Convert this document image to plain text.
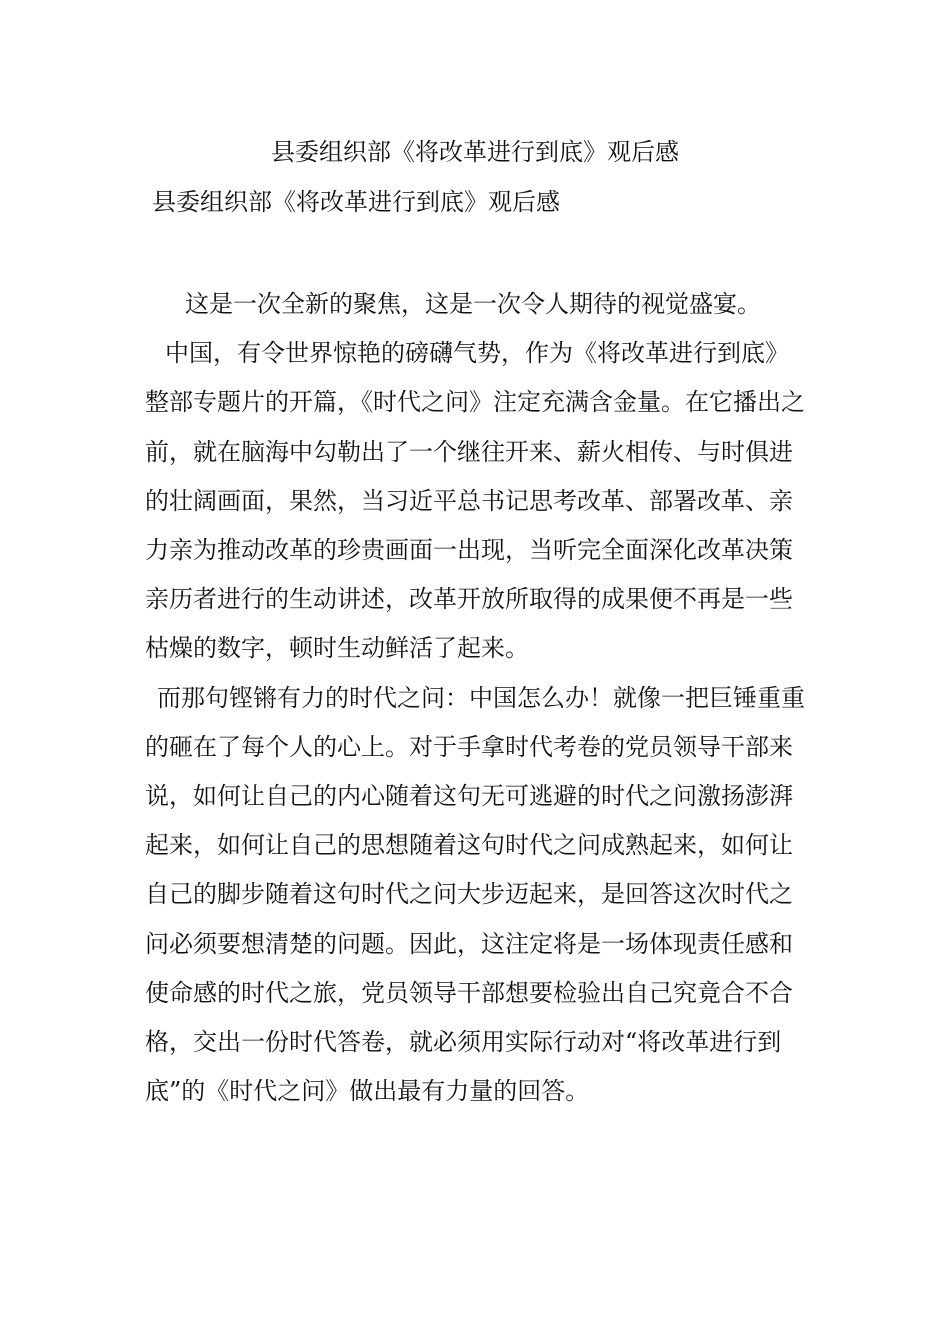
县委组织部《将改革进行到底》观后感
县委组织部《将改革进行到底》观后感

这是一次全新的聚焦，这是一次令人期待的视觉盛宴。

中国，有令世界惊艳的磅礴气势，作为《将改革进行到底》整部专题片的开篇，《时代之问》注定充满含金量。在它播出之前，就在脑海中勾勒出了一个继往开来、薪火相传、与时俱进的壮阔画面，果然，当习近平总书记思考改革、部署改革、亲力亲为推动改革的珍贵画面一出现，当听完全面深化改革决策亲历者进行的生动讲述，改革开放所取得的成果便不再是一些枯燥的数字，顿时生动鲜活了起来。

而那句铿锵有力的时代之问：中国怎么办！就像一把巨锤重重的砸在了每个人的心上。对于手拿时代考卷的党员领导干部来说，如何让自己的内心随着这句无可逃避的时代之问激扬澎湃起来，如何让自己的思想随着这句时代之问成熟起来，如何让自己的脚步随着这句时代之问大步迈起来，是回答这次时代之问必须要想清楚的问题。因此，这注定将是一场体现责任感和使命感的时代之旅，党员领导干部想要检验出自己究竟合不合格，交出一份时代答卷，就必须用实际行动对“将改革进行到底”的《时代之问》做出最有力量的回答。
